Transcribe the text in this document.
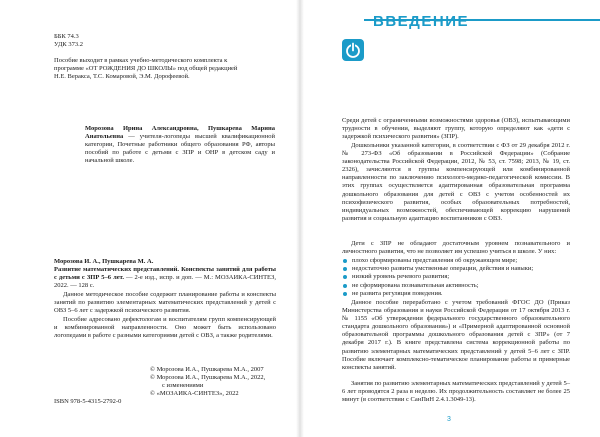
ББК 74.3

УДК 373.2

Пособие выходит в рамках учебно-методического комплекта к программе «ОТ РОЖДЕНИЯ ДО ШКОЛЫ» под общей редакцией Н.Е. Веракса, Т.С. Комаровой, Э.М. Дорофеевой.

Морозова Ирина Александровна, Пушкарева Марина Анатольевна — учителя-логопеды высшей квалификационной категории, Почетные работники общего образования РФ, авторы пособий по работе с детьми с ЗПР и ОНР в детском саду и начальной школе.

Морозова И. А., Пушкарева М. А.

Развитие математических представлений. Конспекты занятий для работы с детьми с ЗПР 5–6 лет. — 2-е изд., испр. и доп. — М.: МОЗАИКА-СИНТЕЗ, 2022. — 128 с.

Данное методическое пособие содержит планирование работы и конспекты занятий по развитию элементарных математических представлений у детей с ОВЗ 5–6 лет с задержкой психического развития.

Пособие адресовано дефектологам и воспитателям групп компенсирующей и комбинированной направленности. Оно может быть использовано логопедами в работе с разными категориями детей с ОВЗ, а также родителями.

© Морозова И.А., Пушкарева М.А., 2007

© Морозова И.А., Пушкарева М.А., 2022,

с изменениями

© «МОЗАИКА-СИНТЕЗ», 2022

ISBN 978-5-4315-2792-0

ВВЕДЕНИЕ

Среди детей с ограниченными возможностями здоровья (ОВЗ), испытывающими трудности в обучении, выделяют группу, которую определяют как «дети с задержкой психического развития» (ЗПР).

Дошкольники указанной категории, в соответствии с ФЗ от 29 декабря 2012 г. № 273-ФЗ «Об образовании в Российской Федерации» (Собрание законодательства Российской Федерации, 2012, № 53, ст. 7598; 2013, № 19, ст. 2326), зачисляются в группы компенсирующей или комбинированной направленности по заключению психолого-медико-педагогической комиссии. В этих группах осуществляется адаптированная образовательная программа дошкольного образования для детей с ОВЗ с учетом особенностей их психофизического развития, особых образовательных потребностей, индивидуальных возможностей, обеспечивающей коррекцию нарушений развития и социальную адаптацию воспитанников с ОВЗ.

Дети с ЗПР не обладают достаточным уровнем познавательного и личностного развития, что не позволяет им успешно учиться в школе. У них:

плохо сформированы представления об окружающем мире;
недостаточно развиты умственные операции, действия и навыки;
низкий уровень речевого развития;
не сформирована познавательная активность;
не развита регуляция поведения.

Данное пособие переработано с учетом требований ФГОС ДО (Приказ Министерства образования и науки Российской Федерации от 17 октября 2013 г. № 1155 «Об утверждении федерального государственного образовательного стандарта дошкольного образования») и «Примерной адаптированной основной образовательной программы дошкольного образования детей с ЗПР» (от 7 декабря 2017 г.). В книге представлена система коррекционной работы по развитию элементарных математических представлений у детей 5–6 лет с ЗПР. Пособие включает комплексно-тематическое планирование работы и примерные конспекты занятий.

Занятия по развитию элементарных математических представлений у детей 5–6 лет проводятся 2 раза в неделю. Их продолжительность составляет не более 25 минут (в соответствии с СанПиН 2.4.1.3049-13).

3
